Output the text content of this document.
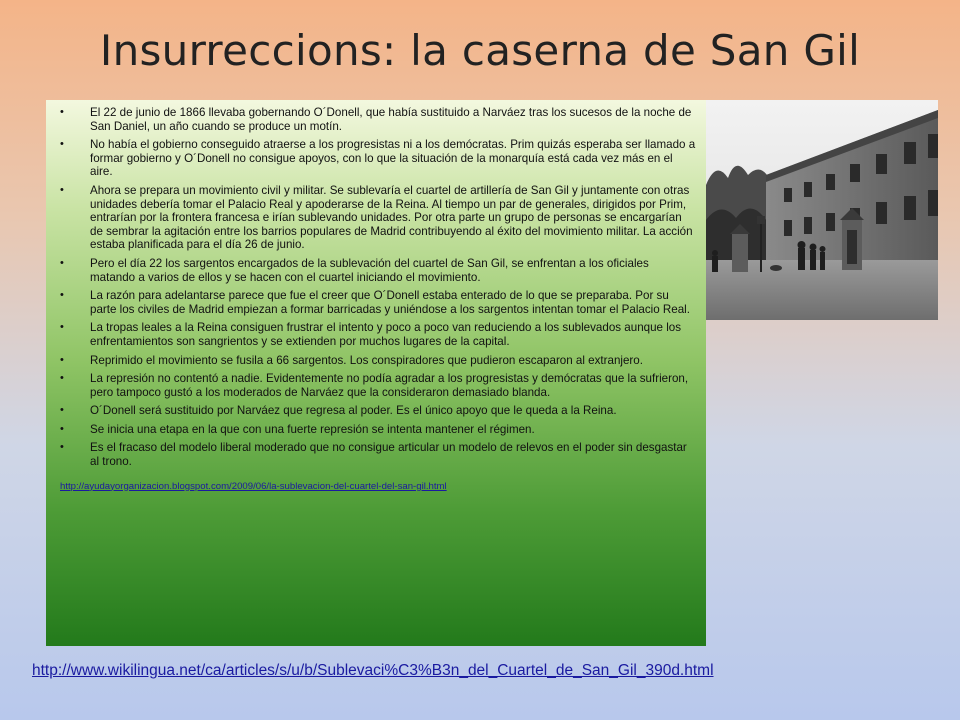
Insurreccions: la caserna de San Gil
• El 22 de junio de 1866 llevaba gobernando O´Donell, que había sustituido a Narváez tras los sucesos de la noche de San Daniel, un año cuando se produce un motín.
• No había el gobierno conseguido atraerse a los progresistas ni a los demócratas. Prim quizás esperaba ser llamado a formar gobierno y O´Donell no consigue apoyos, con lo que la situación de la monarquía está cada vez más en el aire.
• Ahora se prepara un movimiento civil y militar. Se sublevaría el cuartel de artillería de San Gil y juntamente con otras unidades debería tomar el Palacio Real y apoderarse de la Reina. Al tiempo un par de generales, dirigidos por Prim, entrarían por la frontera francesa e irían sublevando unidades. Por otra parte un grupo de personas se encargarían de sembrar la agitación entre los barrios populares de Madrid contribuyendo al éxito del movimiento militar. La acción estaba planificada para el día 26 de junio.
• Pero el día 22 los sargentos encargados de la sublevación del cuartel de San Gil, se enfrentan a los oficiales matando a varios de ellos y se hacen con el cuartel iniciando el movimiento.
• La razón para adelantarse parece que fue el creer que O´Donell estaba enterado de lo que se preparaba. Por su parte los civiles de Madrid empiezan a formar barricadas y uniéndose a los sargentos intentan tomar el Palacio Real.
• La tropas leales a la Reina consiguen frustrar el intento y poco a poco van reduciendo a los sublevados aunque los enfrentamientos son sangrientos y se extienden por muchos lugares de la capital.
• Reprimido el movimiento se fusila a 66 sargentos. Los conspiradores que pudieron escaparon al extranjero.
• La represión no contentó a nadie. Evidentemente no podía agradar a los progresistas y demócratas que la sufrieron, pero tampoco gustó a los moderados de Narváez que la consideraron demasiado blanda.
• O´Donell será sustituido por Narváez que regresa al poder. Es el único apoyo que le queda a la Reina.
• Se inicia una etapa en la que con una fuerte represión se intenta mantener el régimen.
• Es el fracaso del modelo liberal moderado que no consigue articular un modelo de relevos en el poder sin desgastar al trono.
http://ayudayorganizacion.blogspot.com/2009/06/la-sublevacion-del-cuartel-del-san-gil.html
http://www.wikilingua.net/ca/articles/s/u/b/Sublevaci%C3%B3n_del_Cuartel_de_San_Gil_390d.html
